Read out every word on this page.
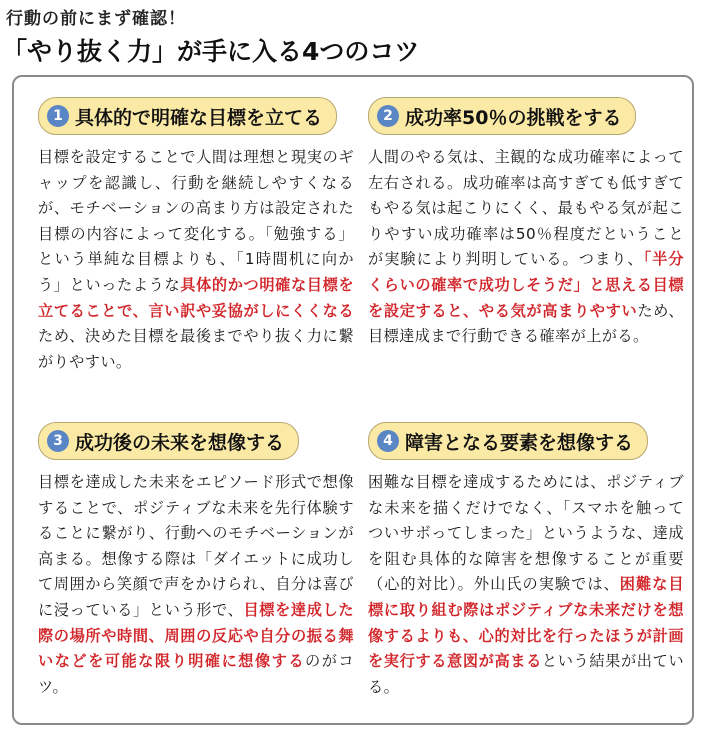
行動の前にまず確認！
「やり抜く力」が手に入る4つのコツ
1 具体的で明確な目標を立てる
目標を設定することで人間は理想と現実のギャップを認識し、行動を継続しやすくなるが、モチベーションの高まり方は設定された目標の内容によって変化する。「勉強する」という単純な目標よりも、「1時間机に向かう」といったような具体的かつ明確な目標を立てることで、言い訳や妥協がしにくくなるため、決めた目標を最後までやり抜く力に繋がりやすい。
2 成功率50％の挑戦をする
人間のやる気は、主観的な成功確率によって左右される。成功確率は高すぎても低すぎてもやる気は起こりにくく、最もやる気が起こりやすい成功確率は50％程度だということが実験により判明している。つまり、「半分くらいの確率で成功しそうだ」と思える目標を設定すると、やる気が高まりやすいため、目標達成まで行動できる確率が上がる。
3 成功後の未来を想像する
目標を達成した未来をエピソード形式で想像することで、ポジティブな未来を先行体験することに繋がり、行動へのモチベーションが高まる。想像する際は「ダイエットに成功して周囲から笑顔で声をかけられ、自分は喜びに浸っている」という形で、目標を達成した際の場所や時間、周囲の反応や自分の振る舞いなどを可能な限り明確に想像するのがコツ。
4 障害となる要素を想像する
困難な目標を達成するためには、ポジティブな未来を描くだけでなく、「スマホを触ってついサボってしまった」というような、達成を阻む具体的な障害を想像することが重要（心的対比）。外山氏の実験では、困難な目標に取り組む際はポジティブな未来だけを想像するよりも、心的対比を行ったほうが計画を実行する意図が高まるという結果が出ている。
